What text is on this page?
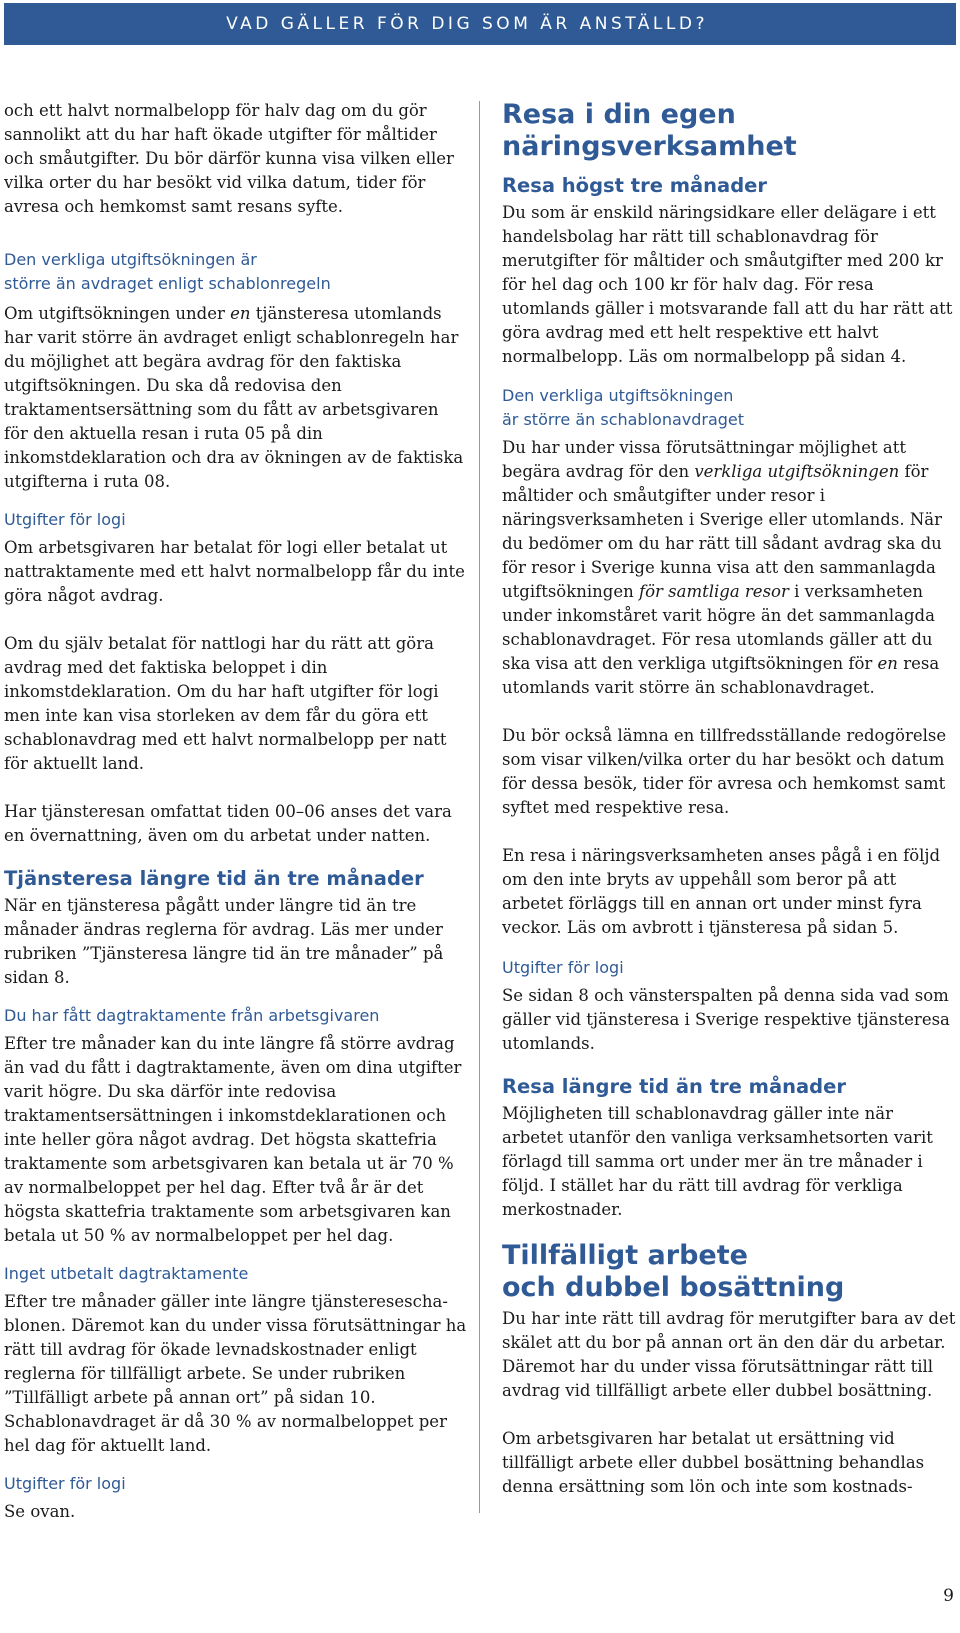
VAD GÄLLER FÖR DIG SOM ÄR ANSTÄLLD?

och ett halvt normalbelopp för halv dag om du gör sannolikt att du har haft ökade utgifter för måltider och småutgifter. Du bör därför kunna visa vilken eller vilka orter du har besökt vid vilka datum, tider för avresa och hemkomst samt resans syfte.

Den verkliga utgiftsökningen är
större än avdraget enligt schablonregeln

Om utgiftsökningen under en tjänsteresa utomlands har varit större än avdraget enligt schablonregeln har du möjlighet att begära avdrag för den faktiska utgiftsökningen. Du ska då redovisa den traktamentsersättning som du fått av arbetsgivaren för den aktuella resan i ruta 05 på din inkomstdeklaration och dra av ökningen av de faktiska utgifterna i ruta 08.

Utgifter för logi

Om arbetsgivaren har betalat för logi eller betalat ut nattraktamente med ett halvt normalbelopp får du inte göra något avdrag.

Om du själv betalat för nattlogi har du rätt att göra avdrag med det faktiska beloppet i din inkomstdeklaration. Om du har haft utgifter för logi men inte kan visa storleken av dem får du göra ett schablonavdrag med ett halvt normalbelopp per natt för aktuellt land.

Har tjänsteresan omfattat tiden 00–06 anses det vara en övernattning, även om du arbetat under natten.

Tjänsteresa längre tid än tre månader

När en tjänsteresa pågått under längre tid än tre månader ändras reglerna för avdrag. Läs mer under rubriken ”Tjänsteresa längre tid än tre månader” på sidan 8.

Du har fått dagtraktamente från arbetsgivaren

Efter tre månader kan du inte längre få större avdrag än vad du fått i dagtraktamente, även om dina utgifter varit högre. Du ska därför inte redovisa traktamentsersättningen i inkomstdeklarationen och inte heller göra något avdrag. Det högsta skattefria traktamente som arbetsgivaren kan betala ut är 70 % av normalbeloppet per hel dag. Efter två år är det högsta skattefria traktamente som arbetsgivaren kan betala ut 50 % av normalbeloppet per hel dag.

Inget utbetalt dagtraktamente

Efter tre månader gäller inte längre tjänstereseschablonen. Däremot kan du under vissa förutsättningar ha rätt till avdrag för ökade levnadskostnader enligt reglerna för tillfälligt arbete. Se under rubriken ”Tillfälligt arbete på annan ort” på sidan 10. Schablonavdraget är då 30 % av normalbeloppet per hel dag för aktuellt land.

Utgifter för logi

Se ovan.

Resa i din egen
näringsverksamhet
Resa högst tre månader

Du som är enskild näringsidkare eller delägare i ett handelsbolag har rätt till schablonavdrag för merutgifter för måltider och småutgifter med 200 kr för hel dag och 100 kr för halv dag. För resa utomlands gäller i motsvarande fall att du har rätt att göra avdrag med ett helt respektive ett halvt normalbelopp. Läs om normalbelopp på sidan 4.

Den verkliga utgiftsökningen
är större än schablonavdraget

Du har under vissa förutsättningar möjlighet att begära avdrag för den verkliga utgiftsökningen för måltider och småutgifter under resor i näringsverksamheten i Sverige eller utomlands. När du bedömer om du har rätt till sådant avdrag ska du för resor i Sverige kunna visa att den sammanlagda utgiftsökningen för samtliga resor i verksamheten under inkomståret varit högre än det sammanlagda schablonavdraget. För resa utomlands gäller att du ska visa att den verkliga utgiftsökningen för en resa utomlands varit större än schablonavdraget.

Du bör också lämna en tillfredsställande redogörelse som visar vilken/vilka orter du har besökt och datum för dessa besök, tider för avresa och hemkomst samt syftet med respektive resa.

En resa i näringsverksamheten anses pågå i en följd om den inte bryts av uppehåll som beror på att arbetet förläggs till en annan ort under minst fyra veckor. Läs om avbrott i tjänsteresa på sidan 5.

Utgifter för logi

Se sidan 8 och vänsterspalten på denna sida vad som gäller vid tjänsteresa i Sverige respektive tjänsteresa utomlands.

Resa längre tid än tre månader

Möjligheten till schablonavdrag gäller inte när arbetet utanför den vanliga verksamhetsorten varit förlagd till samma ort under mer än tre månader i följd. I stället har du rätt till avdrag för verkliga merkostnader.

Tillfälligt arbete
och dubbel bosättning

Du har inte rätt till avdrag för merutgifter bara av det skälet att du bor på annan ort än den där du arbetar. Däremot har du under vissa förutsättningar rätt till avdrag vid tillfälligt arbete eller dubbel bosättning.

Om arbetsgivaren har betalat ut ersättning vid tillfälligt arbete eller dubbel bosättning behandlas denna ersättning som lön och inte som kostnads-

9
